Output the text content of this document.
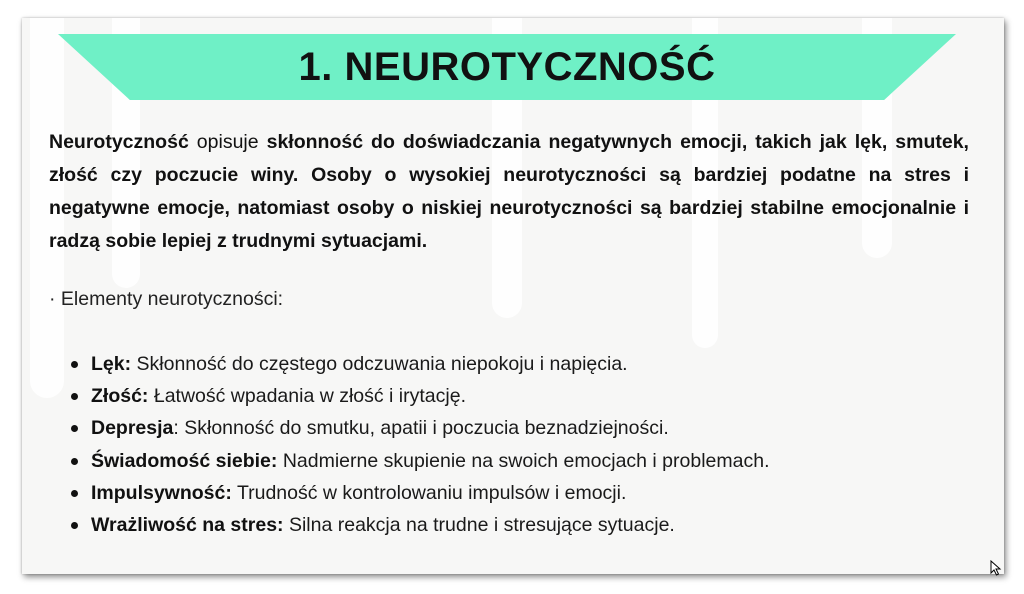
1. NEUROTYCZNOŚĆ

Neurotyczność opisuje skłonność do doświadczania negatywnych emocji, takich jak lęk, smutek, złość czy poczucie winy. Osoby o wysokiej neurotyczności są bardziej podatne na stres i negatywne emocje, natomiast osoby o niskiej neurotyczności są bardziej stabilne emocjonalnie i radzą sobie lepiej z trudnymi sytuacjami.

· Elementy neurotyczności:
Lęk: Skłonność do częstego odczuwania niepokoju i napięcia.
Złość: Łatwość wpadania w złość i irytację.
Depresja: Skłonność do smutku, apatii i poczucia beznadziejności.
Świadomość siebie: Nadmierne skupienie na swoich emocjach i problemach.
Impulsywność: Trudność w kontrolowaniu impulsów i emocji.
Wrażliwość na stres: Silna reakcja na trudne i stresujące sytuacje.
